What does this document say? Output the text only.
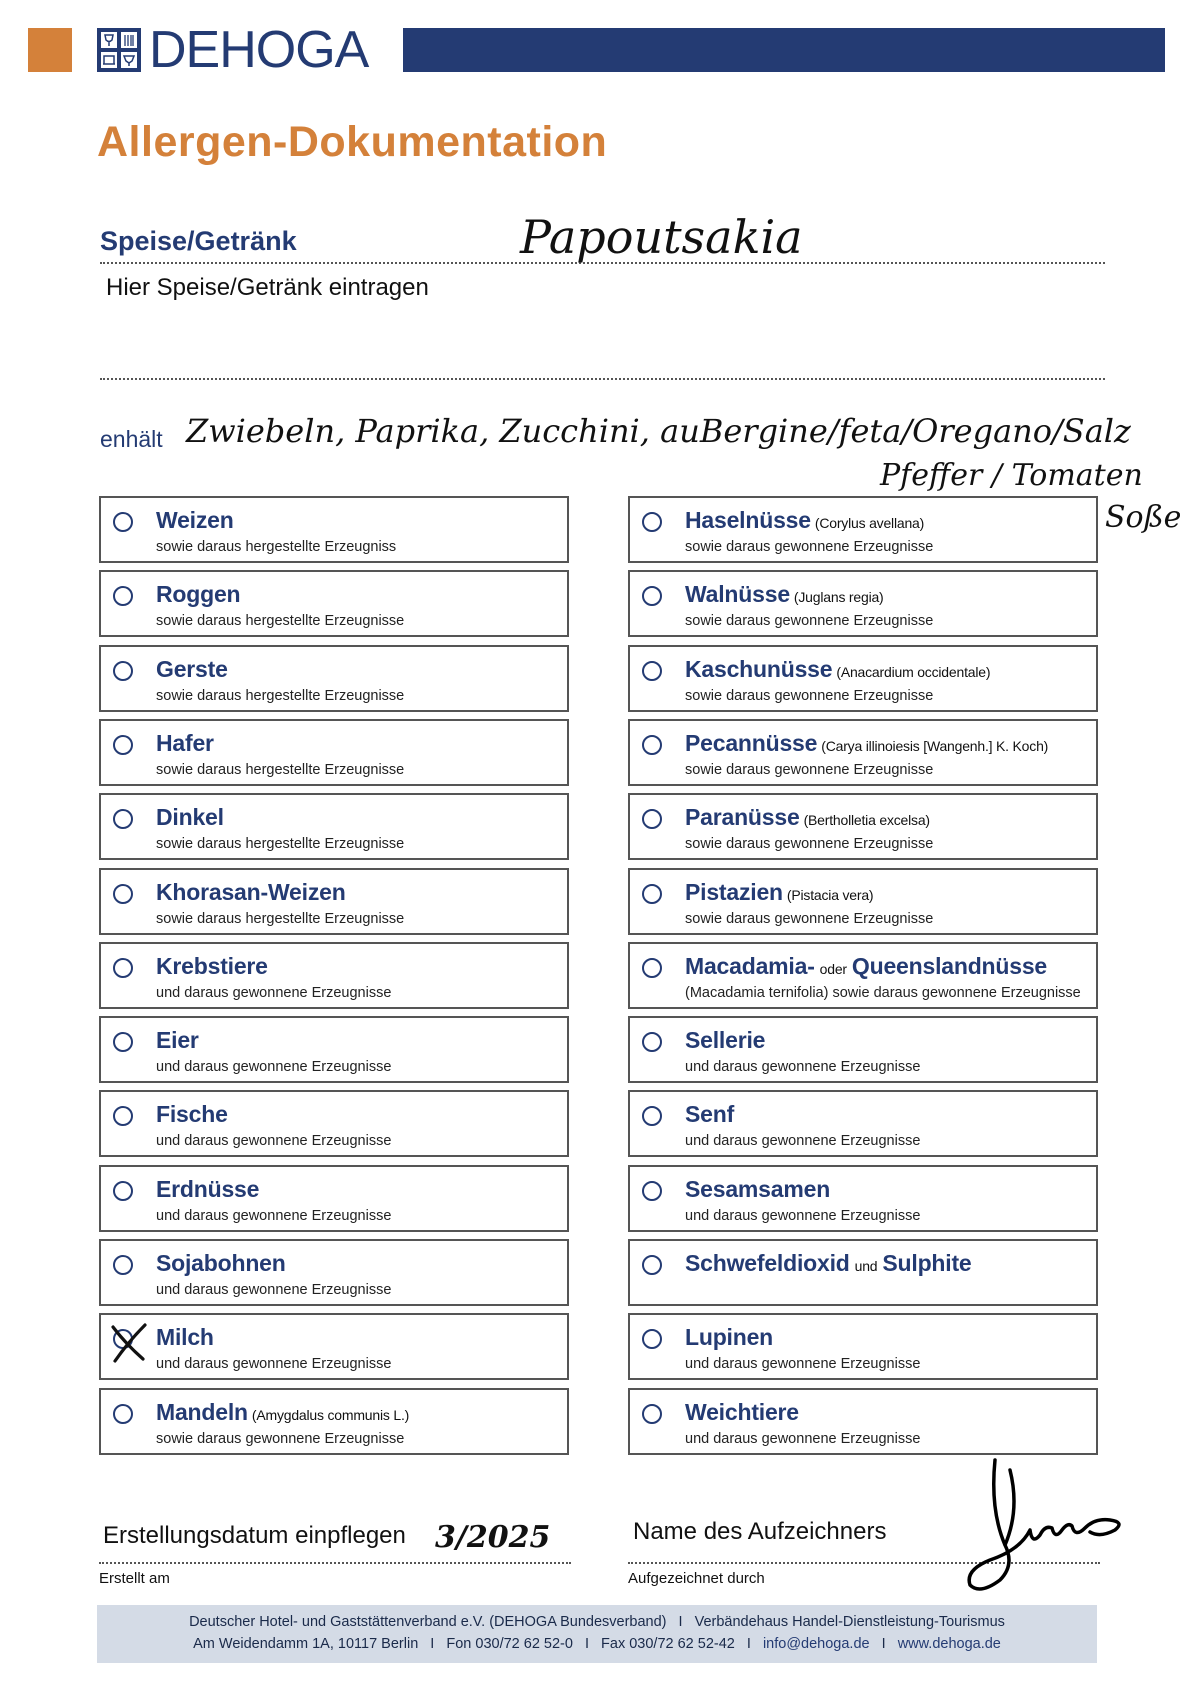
DEHOGA
Allergen-Dokumentation
Speise/Getränk
Hier Speise/Getränk eintragen
Papoutsakia
enhält Zwiebeln, Paprika, Zucchini, auBergine/feta/Oregano/Salz
Pfeffer / Tomaten
Soße
Weizen
sowie daraus hergestellte Erzeugniss
Roggen
sowie daraus hergestellte Erzeugnisse
Gerste
sowie daraus hergestellte Erzeugnisse
Hafer
sowie daraus hergestellte Erzeugnisse
Dinkel
sowie daraus hergestellte Erzeugnisse
Khorasan-Weizen
sowie daraus hergestellte Erzeugnisse
Krebstiere
und daraus gewonnene Erzeugnisse
Eier
und daraus gewonnene Erzeugnisse
Fische
und daraus gewonnene Erzeugnisse
Erdnüsse
und daraus gewonnene Erzeugnisse
Sojabohnen
und daraus gewonnene Erzeugnisse
Milch
und daraus gewonnene Erzeugnisse
Mandeln (Amygdalus communis L.)
sowie daraus gewonnene Erzeugnisse
Haselnüsse (Corylus avellana)
sowie daraus gewonnene Erzeugnisse
Walnüsse (Juglans regia)
sowie daraus gewonnene Erzeugnisse
Kaschunüsse (Anacardium occidentale)
sowie daraus gewonnene Erzeugnisse
Pecannüsse (Carya illinoiesis [Wangenh.] K. Koch)
sowie daraus gewonnene Erzeugnisse
Paranüsse (Bertholletia excelsa)
sowie daraus gewonnene Erzeugnisse
Pistazien (Pistacia vera)
sowie daraus gewonnene Erzeugnisse
Macadamia- oder Queenslandnüsse
(Macadamia ternifolia) sowie daraus gewonnene Erzeugnisse
Sellerie
und daraus gewonnene Erzeugnisse
Senf
und daraus gewonnene Erzeugnisse
Sesamsamen
und daraus gewonnene Erzeugnisse
Schwefeldioxid und Sulphite
Lupinen
und daraus gewonnene Erzeugnisse
Weichtiere
und daraus gewonnene Erzeugnisse
Erstellungsdatum einpflegen 3/2025
Erstellt am
Name des Aufzeichners
Aufgezeichnet durch
Deutscher Hotel- und Gaststättenverband e.V. (DEHOGA Bundesverband) I Verbändehaus Handel-Dienstleistung-Tourismus
Am Weidendamm 1A, 10117 Berlin I Fon 030/72 62 52-0 I Fax 030/72 62 52-42 I info@dehoga.de I www.dehoga.de
